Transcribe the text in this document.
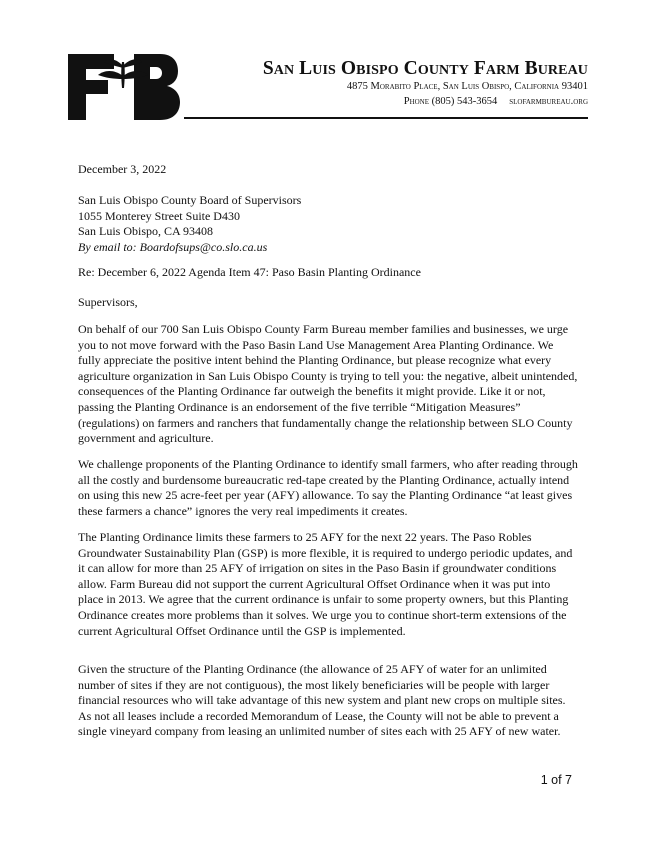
San Luis Obispo County Farm Bureau
4875 Morabito Place, San Luis Obispo, California 93401
Phone (805) 543-3654 slofarmbureau.org
December 3, 2022

San Luis Obispo County Board of Supervisors

1055 Monterey Street Suite D430

San Luis Obispo, CA 93408

By email to: Boardofsups@co.slo.ca.us

Re: December 6, 2022 Agenda Item 47: Paso Basin Planting Ordinance
Supervisors,
On behalf of our 700 San Luis Obispo County Farm Bureau member families and businesses, we urge you to not move forward with the Paso Basin Land Use Management Area Planting Ordinance. We fully appreciate the positive intent behind the Planting Ordinance, but please recognize what every agriculture organization in San Luis Obispo County is trying to tell you: the negative, albeit unintended, consequences of the Planting Ordinance far outweigh the benefits it might provide. Like it or not, passing the Planting Ordinance is an endorsement of the five terrible “Mitigation Measures” (regulations) on farmers and ranchers that fundamentally change the relationship between SLO County government and agriculture.
We challenge proponents of the Planting Ordinance to identify small farmers, who after reading through all the costly and burdensome bureaucratic red-tape created by the Planting Ordinance, actually intend on using this new 25 acre-feet per year (AFY) allowance. To say the Planting Ordinance “at least gives these farmers a chance” ignores the very real impediments it creates.
The Planting Ordinance limits these farmers to 25 AFY for the next 22 years. The Paso Robles Groundwater Sustainability Plan (GSP) is more flexible, it is required to undergo periodic updates, and it can allow for more than 25 AFY of irrigation on sites in the Paso Basin if groundwater conditions allow. Farm Bureau did not support the current Agricultural Offset Ordinance when it was put into place in 2013. We agree that the current ordinance is unfair to some property owners, but this Planting Ordinance creates more problems than it solves. We urge you to continue short-term extensions of the current Agricultural Offset Ordinance until the GSP is implemented.
Given the structure of the Planting Ordinance (the allowance of 25 AFY of water for an unlimited number of sites if they are not contiguous), the most likely beneficiaries will be people with larger financial resources who will take advantage of this new system and plant new crops on multiple sites. As not all leases include a recorded Memorandum of Lease, the County will not be able to prevent a single vineyard company from leasing an unlimited number of sites each with 25 AFY of new water.
1 of 7
